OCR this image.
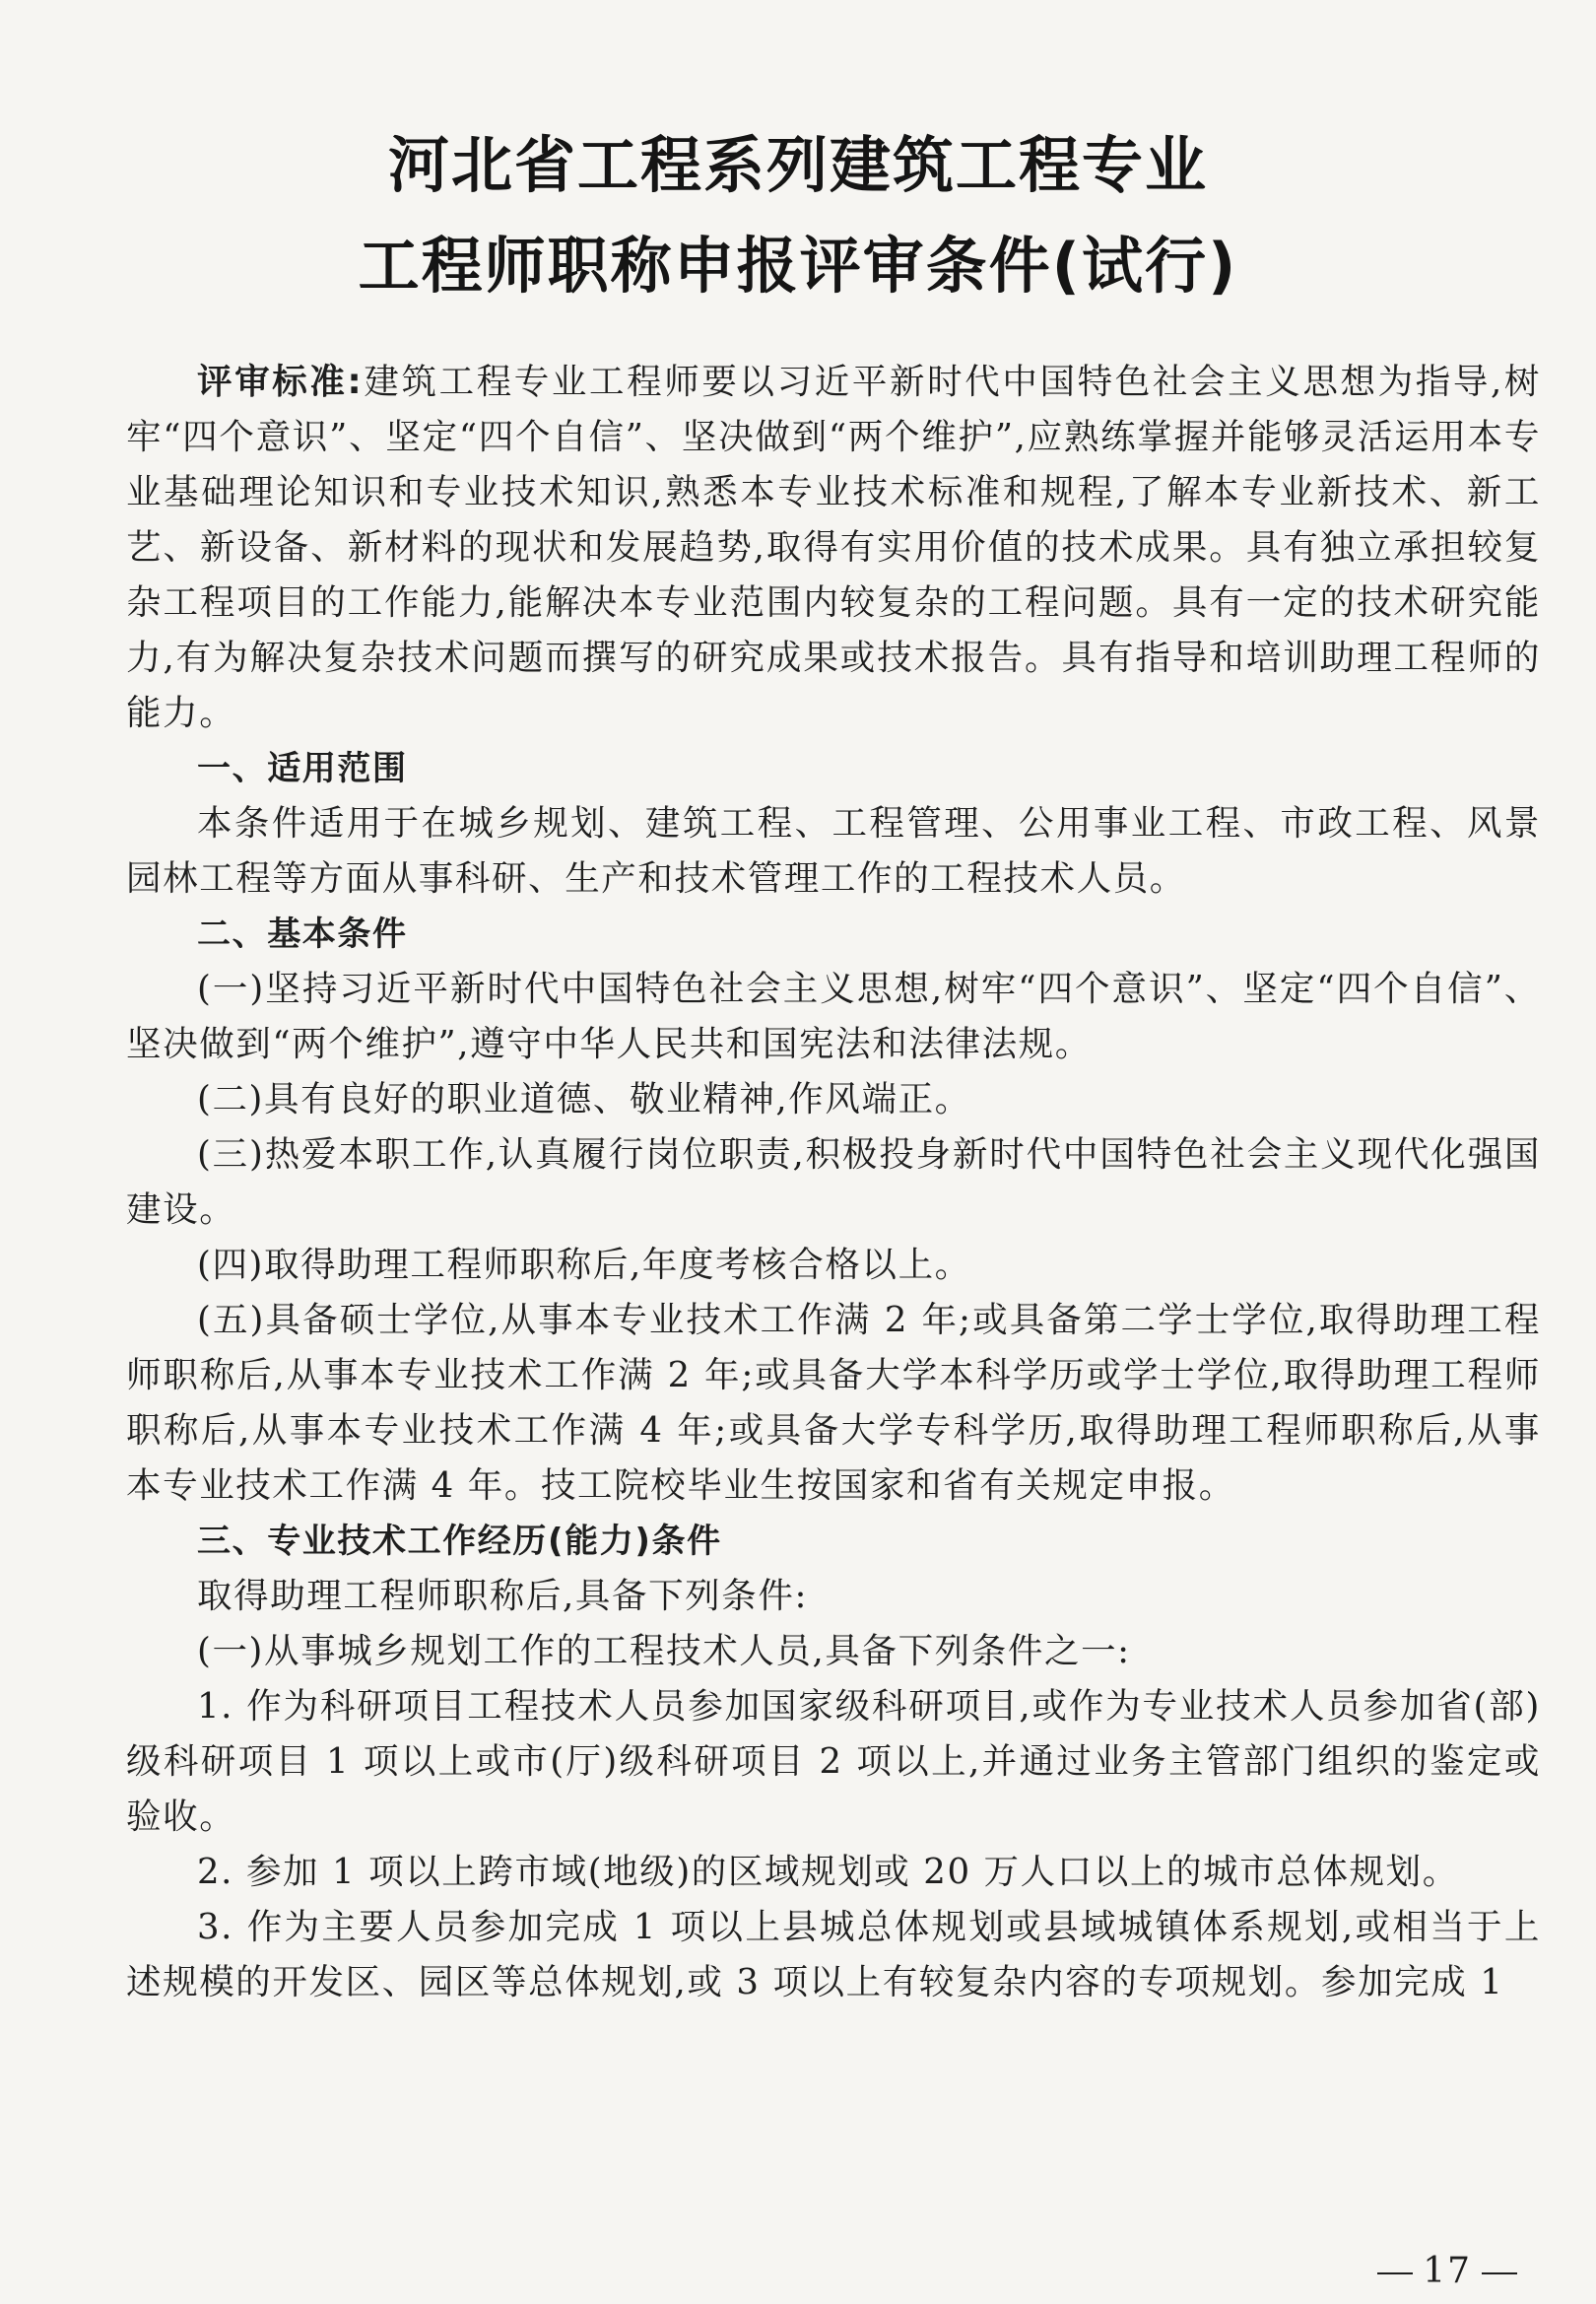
河北省工程系列建筑工程专业
工程师职称申报评审条件(试行)

评审标准:建筑工程专业工程师要以习近平新时代中国特色社会主义思想为指导,树牢“四个意识”、坚定“四个自信”、坚决做到“两个维护”,应熟练掌握并能够灵活运用本专业基础理论知识和专业技术知识,熟悉本专业技术标准和规程,了解本专业新技术、新工艺、新设备、新材料的现状和发展趋势,取得有实用价值的技术成果。具有独立承担较复杂工程项目的工作能力,能解决本专业范围内较复杂的工程问题。具有一定的技术研究能力,有为解决复杂技术问题而撰写的研究成果或技术报告。具有指导和培训助理工程师的能力。

一、适用范围

本条件适用于在城乡规划、建筑工程、工程管理、公用事业工程、市政工程、风景园林工程等方面从事科研、生产和技术管理工作的工程技术人员。

二、基本条件

(一)坚持习近平新时代中国特色社会主义思想,树牢“四个意识”、坚定“四个自信”、坚决做到“两个维护”,遵守中华人民共和国宪法和法律法规。

(二)具有良好的职业道德、敬业精神,作风端正。

(三)热爱本职工作,认真履行岗位职责,积极投身新时代中国特色社会主义现代化强国建设。

(四)取得助理工程师职称后,年度考核合格以上。

(五)具备硕士学位,从事本专业技术工作满 2 年;或具备第二学士学位,取得助理工程师职称后,从事本专业技术工作满 2 年;或具备大学本科学历或学士学位,取得助理工程师职称后,从事本专业技术工作满 4 年;或具备大学专科学历,取得助理工程师职称后,从事本专业技术工作满 4 年。技工院校毕业生按国家和省有关规定申报。

三、专业技术工作经历(能力)条件

取得助理工程师职称后,具备下列条件:

(一)从事城乡规划工作的工程技术人员,具备下列条件之一:

1. 作为科研项目工程技术人员参加国家级科研项目,或作为专业技术人员参加省(部)级科研项目 1 项以上或市(厅)级科研项目 2 项以上,并通过业务主管部门组织的鉴定或验收。

2. 参加 1 项以上跨市域(地级)的区域规划或 20 万人口以上的城市总体规划。

3. 作为主要人员参加完成 1 项以上县城总体规划或县域城镇体系规划,或相当于上述规模的开发区、园区等总体规划,或 3 项以上有较复杂内容的专项规划。参加完成 1

17
